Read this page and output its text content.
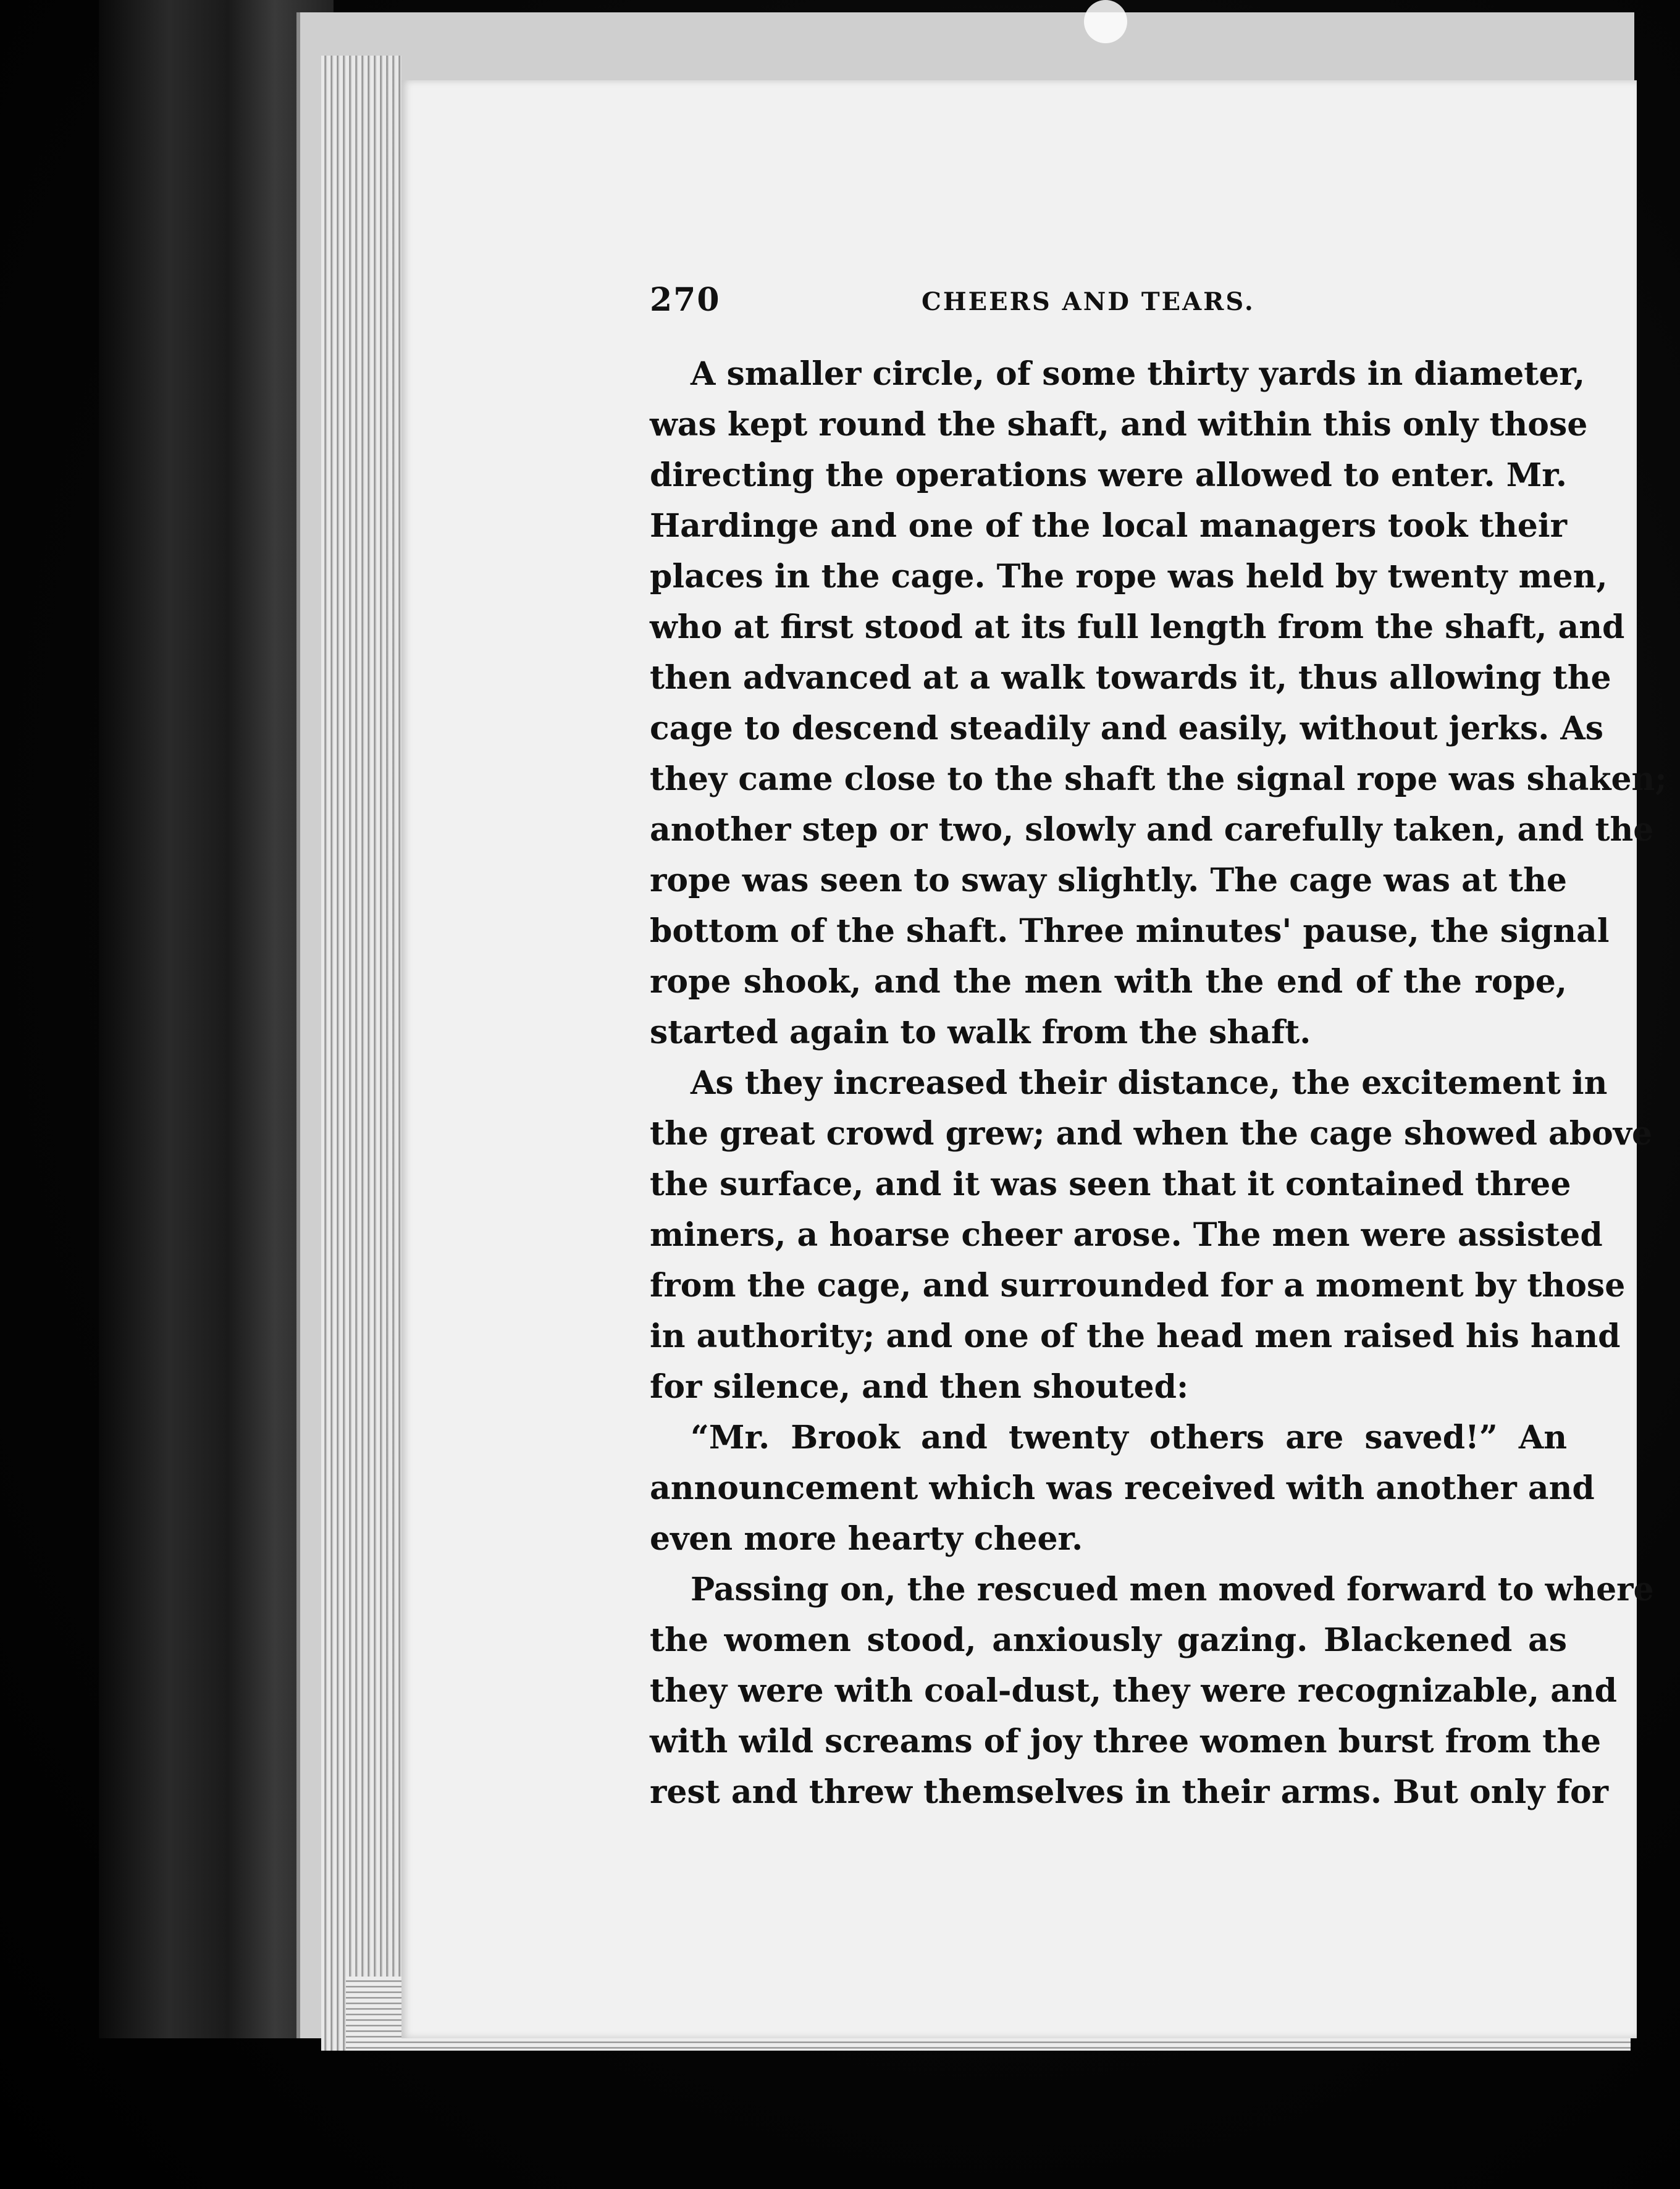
270	CHEERS AND TEARS.

A smaller circle, of some thirty yards in diameter,
was kept round the shaft, and within this only those
directing the operations were allowed to enter. Mr.
Hardinge and one of the local managers took their
places in the cage. The rope was held by twenty men,
who at first stood at its full length from the shaft, and
then advanced at a walk towards it, thus allowing the
cage to descend steadily and easily, without jerks. As
they came close to the shaft the signal rope was shaken;
another step or two, slowly and carefully taken, and the
rope was seen to sway slightly. The cage was at the
bottom of the shaft. Three minutes' pause, the signal
rope shook, and the men with the end of the rope,
started again to walk from the shaft.

As they increased their distance, the excitement in
the great crowd grew; and when the cage showed above
the surface, and it was seen that it contained three
miners, a hoarse cheer arose. The men were assisted
from the cage, and surrounded for a moment by those
in authority; and one of the head men raised his hand
for silence, and then shouted:

“Mr. Brook and twenty others are saved!” An
announcement which was received with another and
even more hearty cheer.

Passing on, the rescued men moved forward to where
the women stood, anxiously gazing. Blackened as
they were with coal-dust, they were recognizable, and
with wild screams of joy three women burst from the
rest and threw themselves in their arms. But only for
